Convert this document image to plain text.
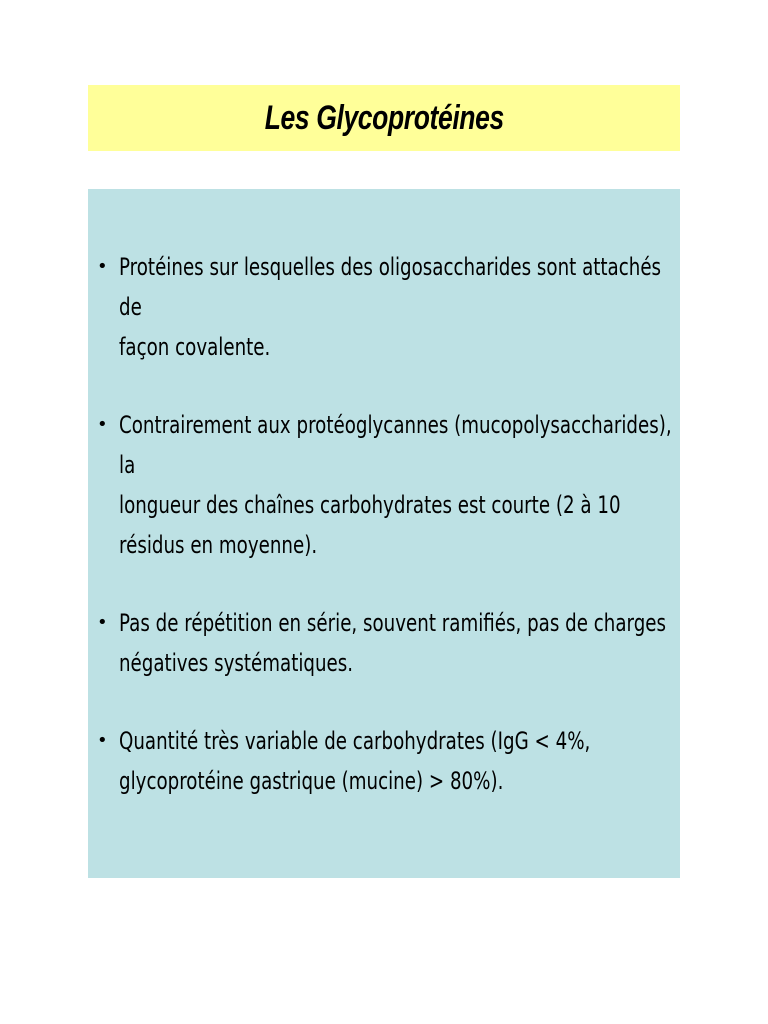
Les Glycoprotéines
• Protéines sur lesquelles des oligosaccharides sont attachés de
façon covalente.
• Contrairement aux protéoglycannes (mucopolysaccharides), la
longueur des chaînes carbohydrates est courte (2 à 10
résidus en moyenne).
• Pas de répétition en série, souvent ramifiés, pas de charges
négatives systématiques.
• Quantité très variable de carbohydrates (IgG < 4%,
glycoprotéine gastrique (mucine) > 80%).
